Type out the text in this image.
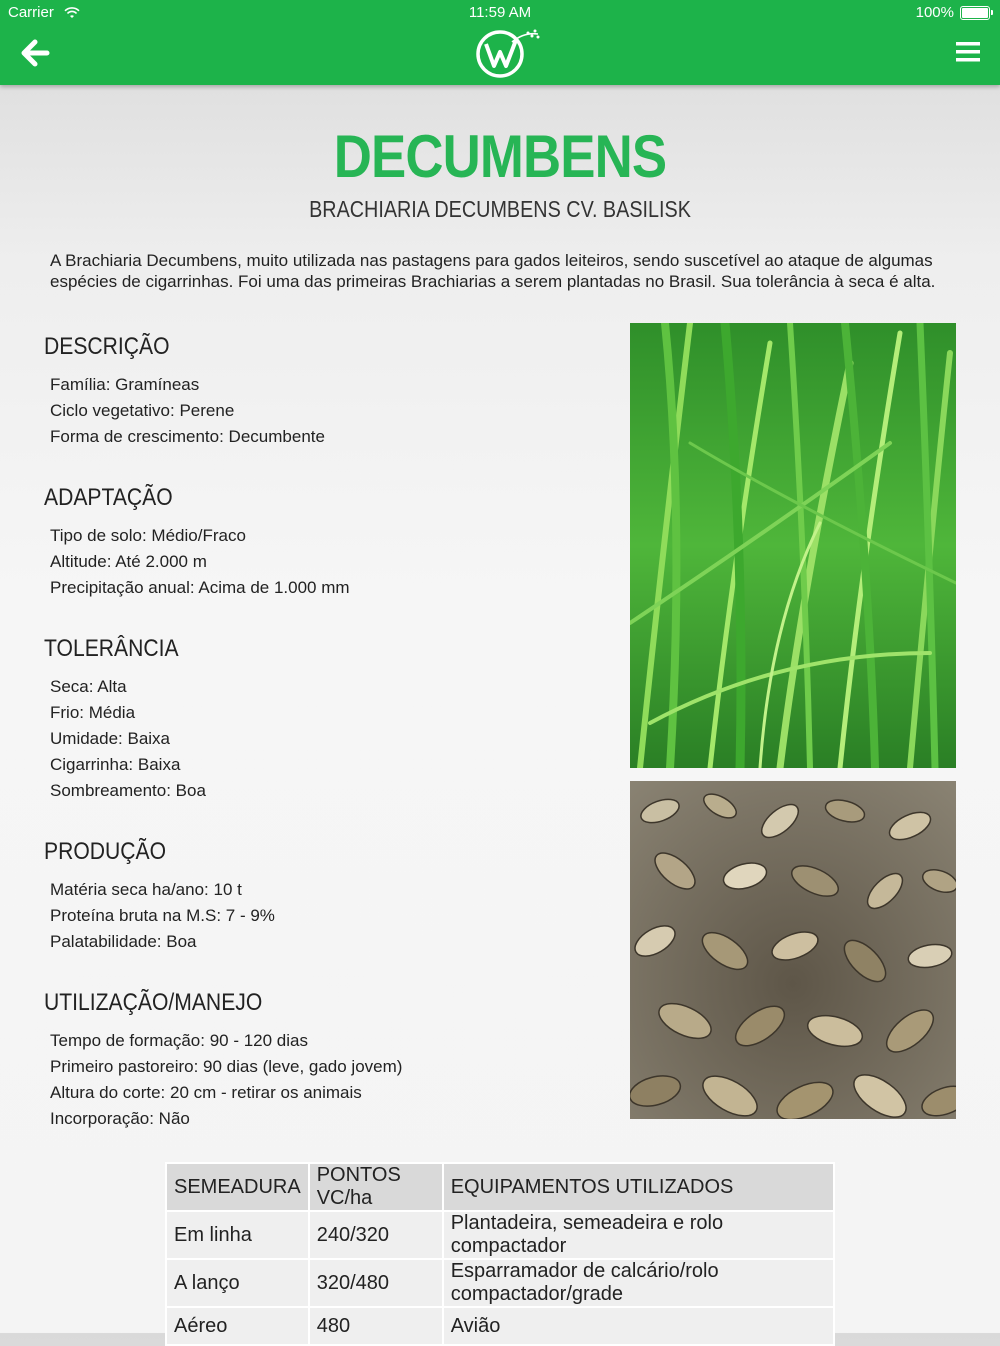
Carrier	11:59 AM	100%
DECUMBENS
BRACHIARIA DECUMBENS CV. BASILISK
A Brachiaria Decumbens, muito utilizada nas pastagens para gados leiteiros, sendo suscetível ao ataque de algumas espécies de cigarrinhas. Foi uma das primeiras Brachiarias a serem plantadas no Brasil. Sua tolerância à seca é alta.
DESCRIÇÃO
Família: Gramíneas
Ciclo vegetativo: Perene
Forma de crescimento: Decumbente
ADAPTAÇÃO
Tipo de solo: Médio/Fraco
Altitude: Até 2.000 m
Precipitação anual: Acima de 1.000 mm
TOLERÂNCIA
Seca: Alta
Frio: Média
Umidade: Baixa
Cigarrinha: Baixa
Sombreamento: Boa
PRODUÇÃO
Matéria seca ha/ano: 10 t
Proteína bruta na M.S: 7 - 9%
Palatabilidade: Boa
UTILIZAÇÃO/MANEJO
Tempo de formação: 90 - 120 dias
Primeiro pastoreiro: 90 dias (leve, gado jovem)
Altura do corte: 20 cm - retirar os animais
Incorporação: Não
SEMEADURA	PONTOS VC/ha	EQUIPAMENTOS UTILIZADOS
Em linha	240/320	Plantadeira, semeadeira e rolo compactador
A lanço	320/480	Esparramador de calcário/rolo compactador/grade
Aéreo	480	Avião
